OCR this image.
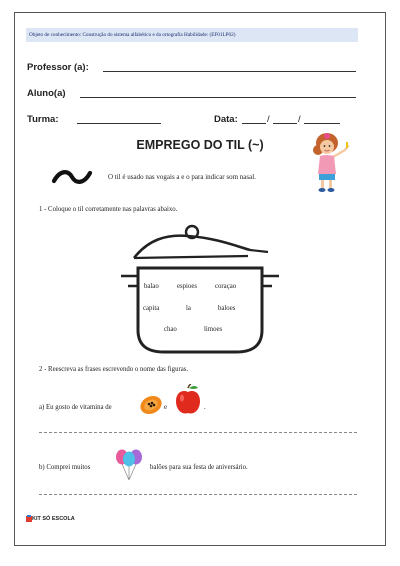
Objeto de conhecimento: Construção do sistema alfabético e da ortografia Habilidade: (EF01LP02)
Professor (a):
Aluno(a)
Turma:	Data:	/	/
EMPREGO DO TIL (~)
O til é usado nas vogais a e o para indicar som nasal.
1 - Coloque o til corretamente nas palavras abaixo.
balao	espioes	coraçao
capita	la	baloes
chao	limoes
2 - Reescreva as frases escrevendo o nome das figuras.
a) Eu gosto de vitamina de	e	.
b) Comprei muitos	balões para sua festa de aniversário.
KIT SÓ ESCOLA
